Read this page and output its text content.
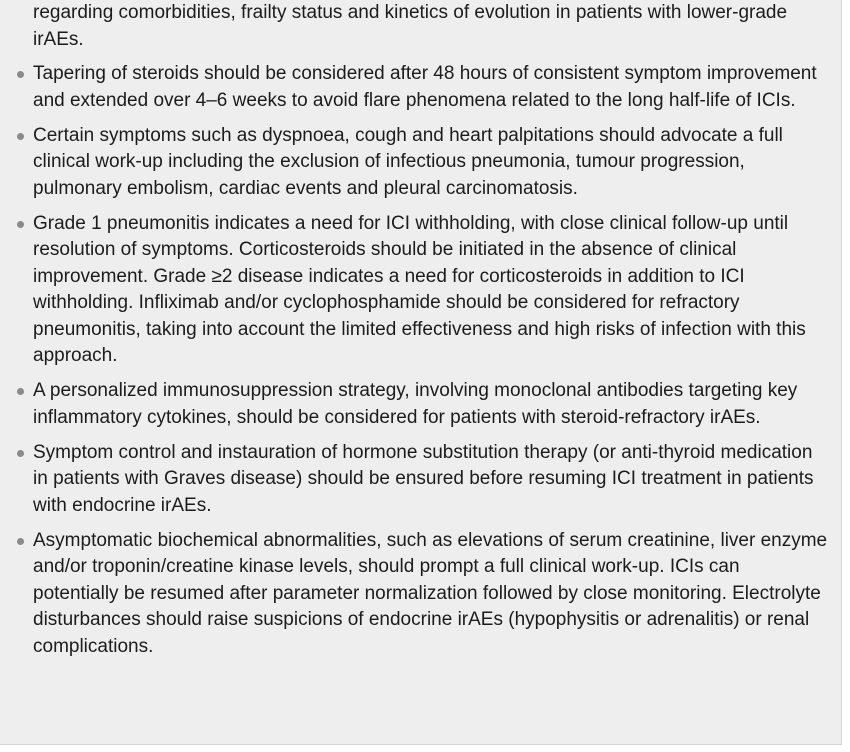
regarding comorbidities, frailty status and kinetics of evolution in patients with lower-grade irAEs.
Tapering of steroids should be considered after 48 hours of consistent symptom improvement and extended over 4–6 weeks to avoid flare phenomena related to the long half-life of ICIs.
Certain symptoms such as dyspnoea, cough and heart palpitations should advocate a full clinical work-up including the exclusion of infectious pneumonia, tumour progression, pulmonary embolism, cardiac events and pleural carcinomatosis.
Grade 1 pneumonitis indicates a need for ICI withholding, with close clinical follow-up until resolution of symptoms. Corticosteroids should be initiated in the absence of clinical improvement. Grade ≥2 disease indicates a need for corticosteroids in addition to ICI withholding. Infliximab and/or cyclophosphamide should be considered for refractory pneumonitis, taking into account the limited effectiveness and high risks of infection with this approach.
A personalized immunosuppression strategy, involving monoclonal antibodies targeting key inflammatory cytokines, should be considered for patients with steroid-refractory irAEs.
Symptom control and instauration of hormone substitution therapy (or anti-thyroid medication in patients with Graves disease) should be ensured before resuming ICI treatment in patients with endocrine irAEs.
Asymptomatic biochemical abnormalities, such as elevations of serum creatinine, liver enzyme and/or troponin/creatine kinase levels, should prompt a full clinical work-up. ICIs can potentially be resumed after parameter normalization followed by close monitoring. Electrolyte disturbances should raise suspicions of endocrine irAEs (hypophysitis or adrenalitis) or renal complications.
